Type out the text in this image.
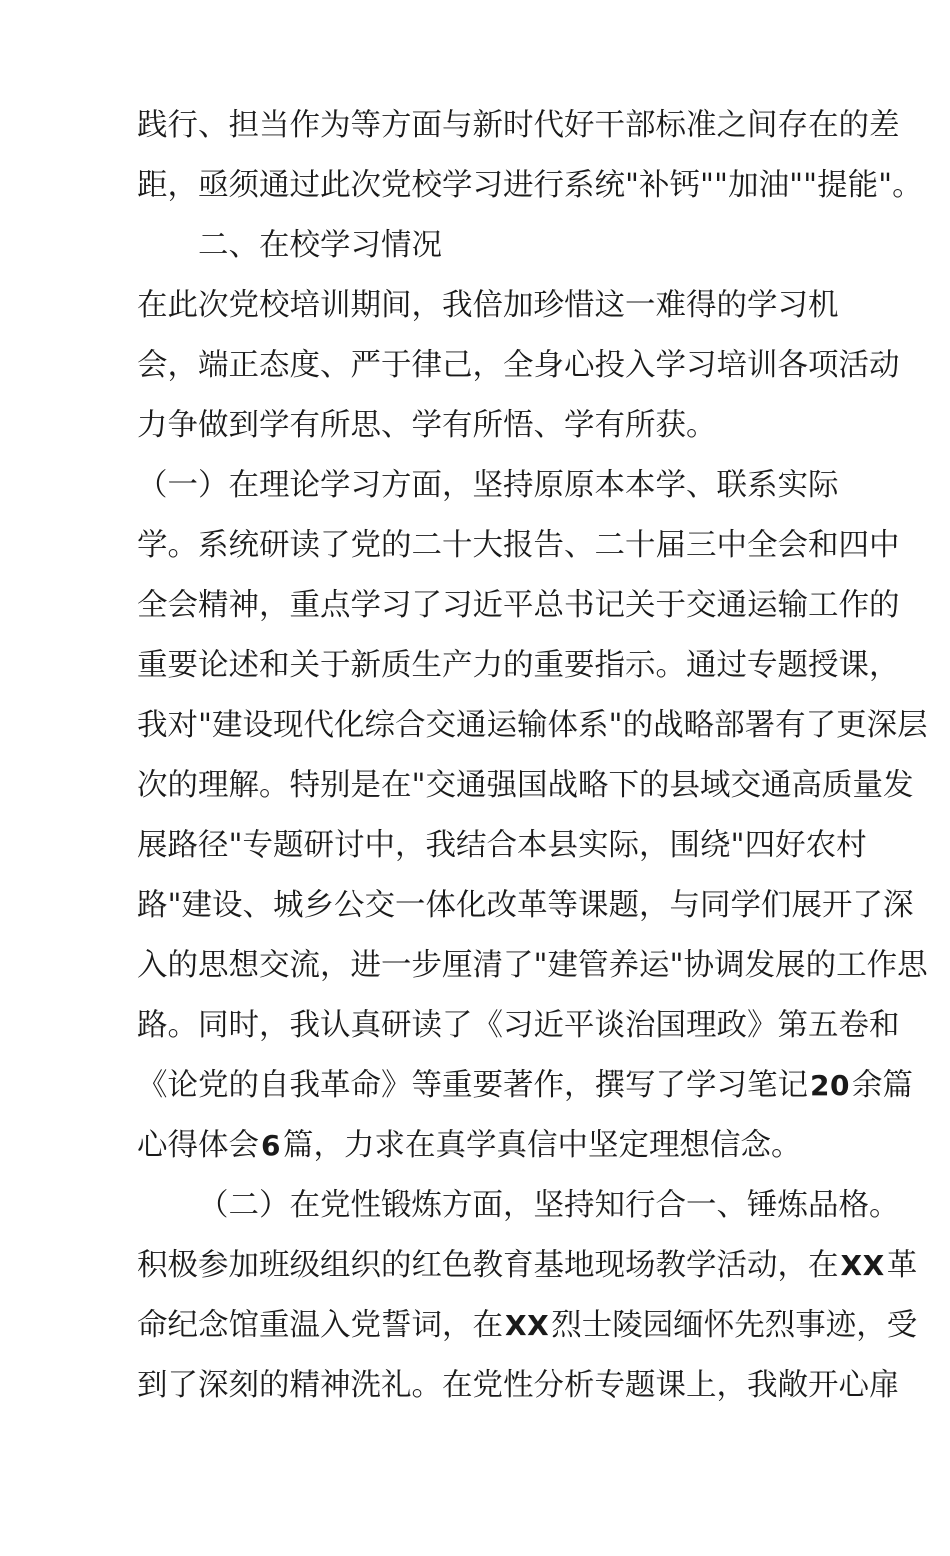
践 行 、 担 当 作 为 等 方 面 与 新 时 代 好 干 部 标 准 之 间 存 在 的 差
距，亟须通过此次党校学习进行系统"补钙""加油""提能"。
二、在校学习情况
在 此 次 党 校 培 训 期 间 ， 我 倍 加 珍 惜 这 一 难 得 的 学 习 机
会 ， 端 正 态 度 、 严 于 律 己 ， 全 身 心 投 入 学 习 培 训 各 项 活 动
力争做到学有所思、学有所悟、学有所获。
（ 一 ） 在 理 论 学 习 方 面 ， 坚 持 原 原 本 本 学 、 联 系 实 际
学 。 系 统 研 读 了 党 的 二 十 大 报 告 、 二 十 届 三 中 全 会 和 四 中
全 会 精 神 ， 重 点 学 习 了 习 近 平 总 书 记 关 于 交 通 运 输 工 作 的
重 要 论 述 和 关 于 新 质 生 产 力 的 重 要 指 示 。 通 过 专 题 授 课 ，
我 对 " 建 设 现 代 化 综 合 交 通 运 输 体 系 " 的 战 略 部 署 有 了 更 深 层
次 的 理 解 。 特 别 是 在 " 交 通 强 国 战 略 下 的 县 域 交 通 高 质 量 发
展 路 径 " 专 题 研 讨 中 ， 我 结 合 本 县 实 际 ， 围 绕 " 四 好 农 村
路 " 建 设 、 城 乡 公 交 一 体 化 改 革 等 课 题 ， 与 同 学 们 展 开 了 深
入 的 思 想 交 流 ， 进 一 步 厘 清 了 " 建 管 养 运 " 协 调 发 展 的 工 作 思
路 。 同 时 ， 我 认 真 研 读 了 《 习 近 平 谈 治 国 理 政 》 第 五 卷 和
《 论 党 的 自 我 革 命 》 等 重 要 著 作 ， 撰 写 了 学 习 笔 记 20 余 篇
心得体会6篇，力求在真学真信中坚定理想信念。
（二）在党性锻炼方面，坚持知行合一、锤炼品格。
积 极 参 加 班 级 组 织 的 红 色 教 育 基 地 现 场 教 学 活 动 ， 在 XX 革
命 纪 念 馆 重 温 入 党 誓 词 ， 在 XX 烈 士 陵 园 缅 怀 先 烈 事 迹 ， 受
到 了 深 刻 的 精 神 洗 礼 。 在 党 性 分 析 专 题 课 上 ， 我 敞 开 心 扉
